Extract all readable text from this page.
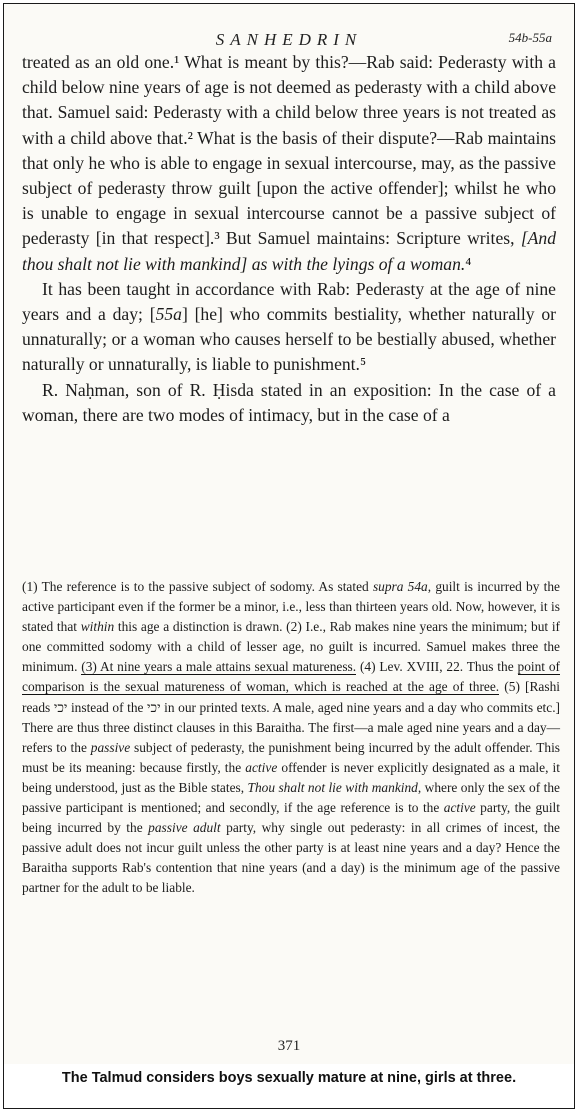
SANHEDRIN	54b-55a

treated as an old one.¹ What is meant by this?—Rab said: Pederasty with a child below nine years of age is not deemed as pederasty with a child above that. Samuel said: Pederasty with a child below three years is not treated as with a child above that.² What is the basis of their dispute?—Rab maintains that only he who is able to engage in sexual intercourse, may, as the passive subject of pederasty throw guilt [upon the active offender]; whilst he who is unable to engage in sexual intercourse cannot be a passive subject of pederasty [in that respect].³ But Samuel maintains: Scripture writes, [And thou shalt not lie with mankind] as with the lyings of a woman.⁴

It has been taught in accordance with Rab: Pederasty at the age of nine years and a day; [55a] [he] who commits bestiality, whether naturally or unnaturally; or a woman who causes herself to be bestially abused, whether naturally or unnaturally, is liable to punishment.⁵

R. Naḥman, son of R. Ḥisda stated in an exposition: In the case of a woman, there are two modes of intimacy, but in the case of a

(1) The reference is to the passive subject of sodomy. As stated supra 54a, guilt is incurred by the active participant even if the former be a minor, i.e., less than thirteen years old. Now, however, it is stated that within this age a distinction is drawn. (2) I.e., Rab makes nine years the minimum; but if one committed sodomy with a child of lesser age, no guilt is incurred. Samuel makes three the minimum. (3) At nine years a male attains sexual matureness. (4) Lev. XVIII, 22. Thus the point of comparison is the sexual matureness of woman, which is reached at the age of three. (5) [Rashi reads יכי instead of the יכי in our printed texts. A male, aged nine years and a day who commits etc.] There are thus three distinct clauses in this Baraitha. The first—a male aged nine years and a day—refers to the passive subject of pederasty, the punishment being incurred by the adult offender. This must be its meaning: because firstly, the active offender is never explicitly designated as a male, it being understood, just as the Bible states, Thou shalt not lie with mankind, where only the sex of the passive participant is mentioned; and secondly, if the age reference is to the active party, the guilt being incurred by the passive adult party, why single out pederasty: in all crimes of incest, the passive adult does not incur guilt unless the other party is at least nine years and a day? Hence the Baraitha supports Rab's contention that nine years (and a day) is the minimum age of the passive partner for the adult to be liable.

371
The Talmud considers boys sexually mature at nine, girls at three.
